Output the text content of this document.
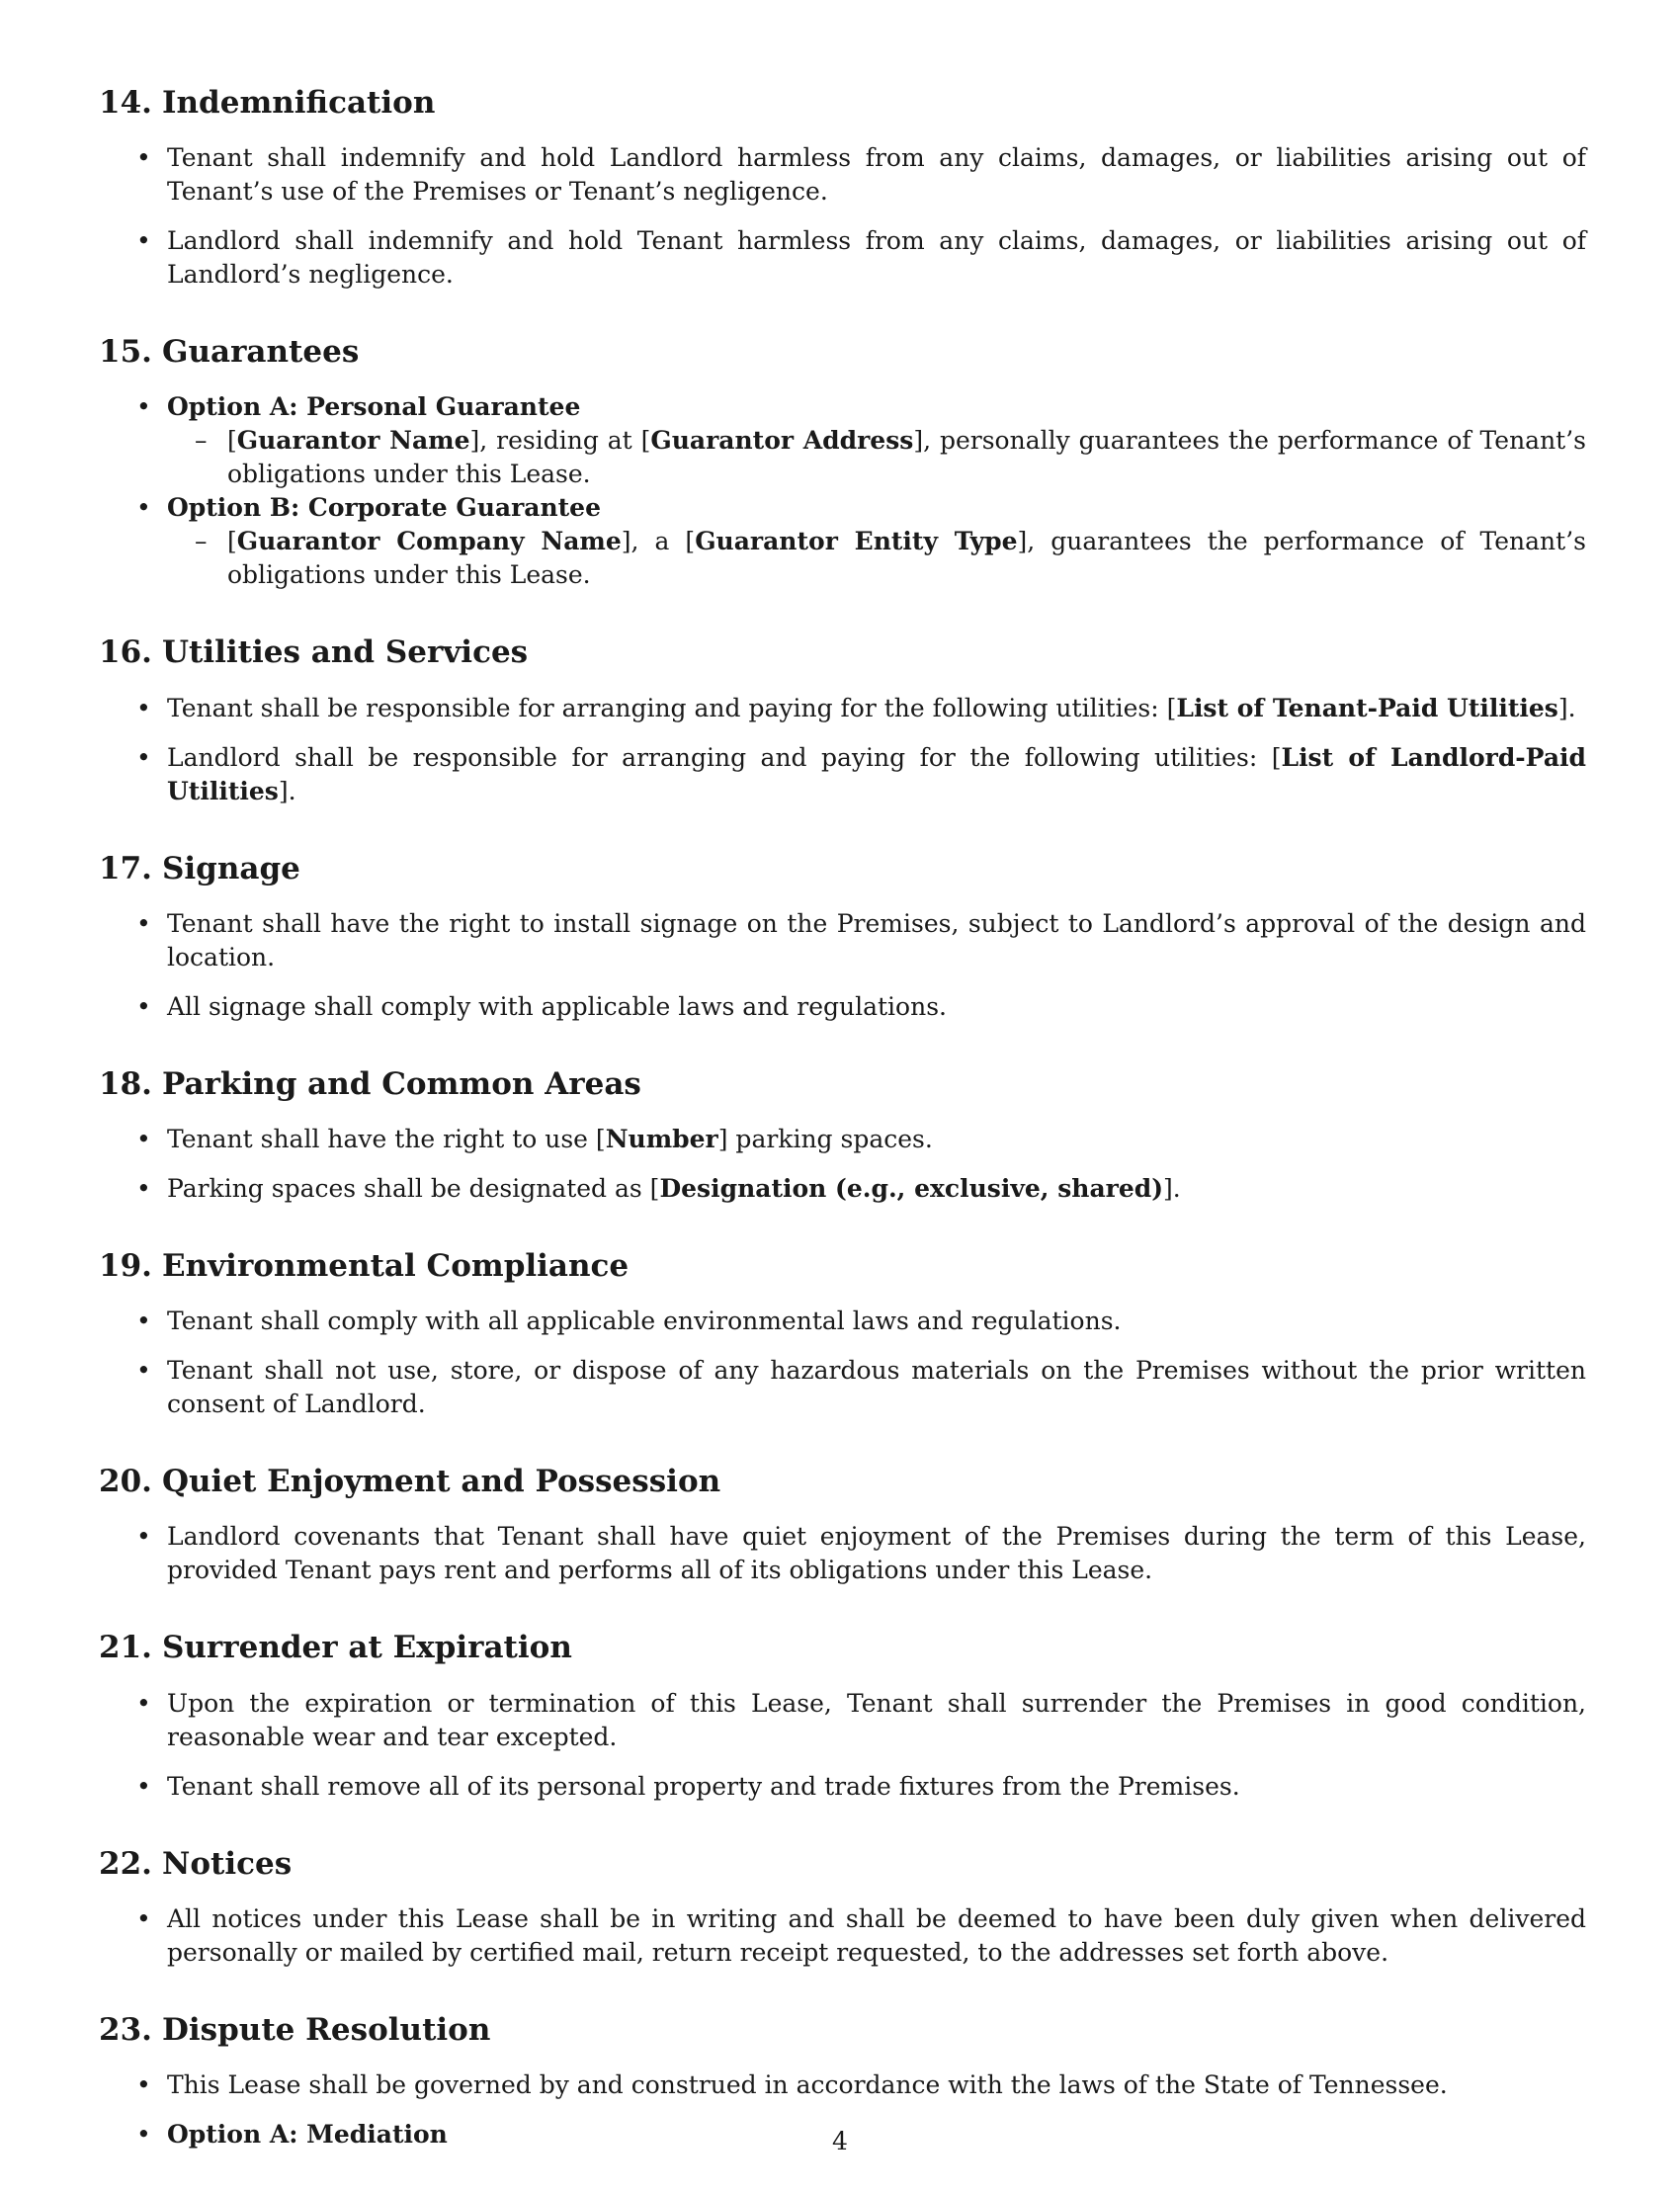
14. Indemnification
• Tenant shall indemnify and hold Landlord harmless from any claims, damages, or liabilities arising out of Tenant’s use of the Premises or Tenant’s negligence.
• Landlord shall indemnify and hold Tenant harmless from any claims, damages, or liabilities arising out of Landlord’s negligence.
15. Guarantees
• Option A: Personal Guarantee
– [Guarantor Name], residing at [Guarantor Address], personally guarantees the performance of Tenant’s obligations under this Lease.
• Option B: Corporate Guarantee
– [Guarantor Company Name], a [Guarantor Entity Type], guarantees the performance of Tenant’s obligations under this Lease.
16. Utilities and Services
• Tenant shall be responsible for arranging and paying for the following utilities: [List of Tenant-Paid Utilities].
• Landlord shall be responsible for arranging and paying for the following utilities: [List of Landlord-Paid Utilities].
17. Signage
• Tenant shall have the right to install signage on the Premises, subject to Landlord’s approval of the design and location.
• All signage shall comply with applicable laws and regulations.
18. Parking and Common Areas
• Tenant shall have the right to use [Number] parking spaces.
• Parking spaces shall be designated as [Designation (e.g., exclusive, shared)].
19. Environmental Compliance
• Tenant shall comply with all applicable environmental laws and regulations.
• Tenant shall not use, store, or dispose of any hazardous materials on the Premises without the prior written consent of Landlord.
20. Quiet Enjoyment and Possession
• Landlord covenants that Tenant shall have quiet enjoyment of the Premises during the term of this Lease, provided Tenant pays rent and performs all of its obligations under this Lease.
21. Surrender at Expiration
• Upon the expiration or termination of this Lease, Tenant shall surrender the Premises in good condition, reasonable wear and tear excepted.
• Tenant shall remove all of its personal property and trade fixtures from the Premises.
22. Notices
• All notices under this Lease shall be in writing and shall be deemed to have been duly given when delivered personally or mailed by certified mail, return receipt requested, to the addresses set forth above.
23. Dispute Resolution
• This Lease shall be governed by and construed in accordance with the laws of the State of Tennessee.
• Option A: Mediation	4
